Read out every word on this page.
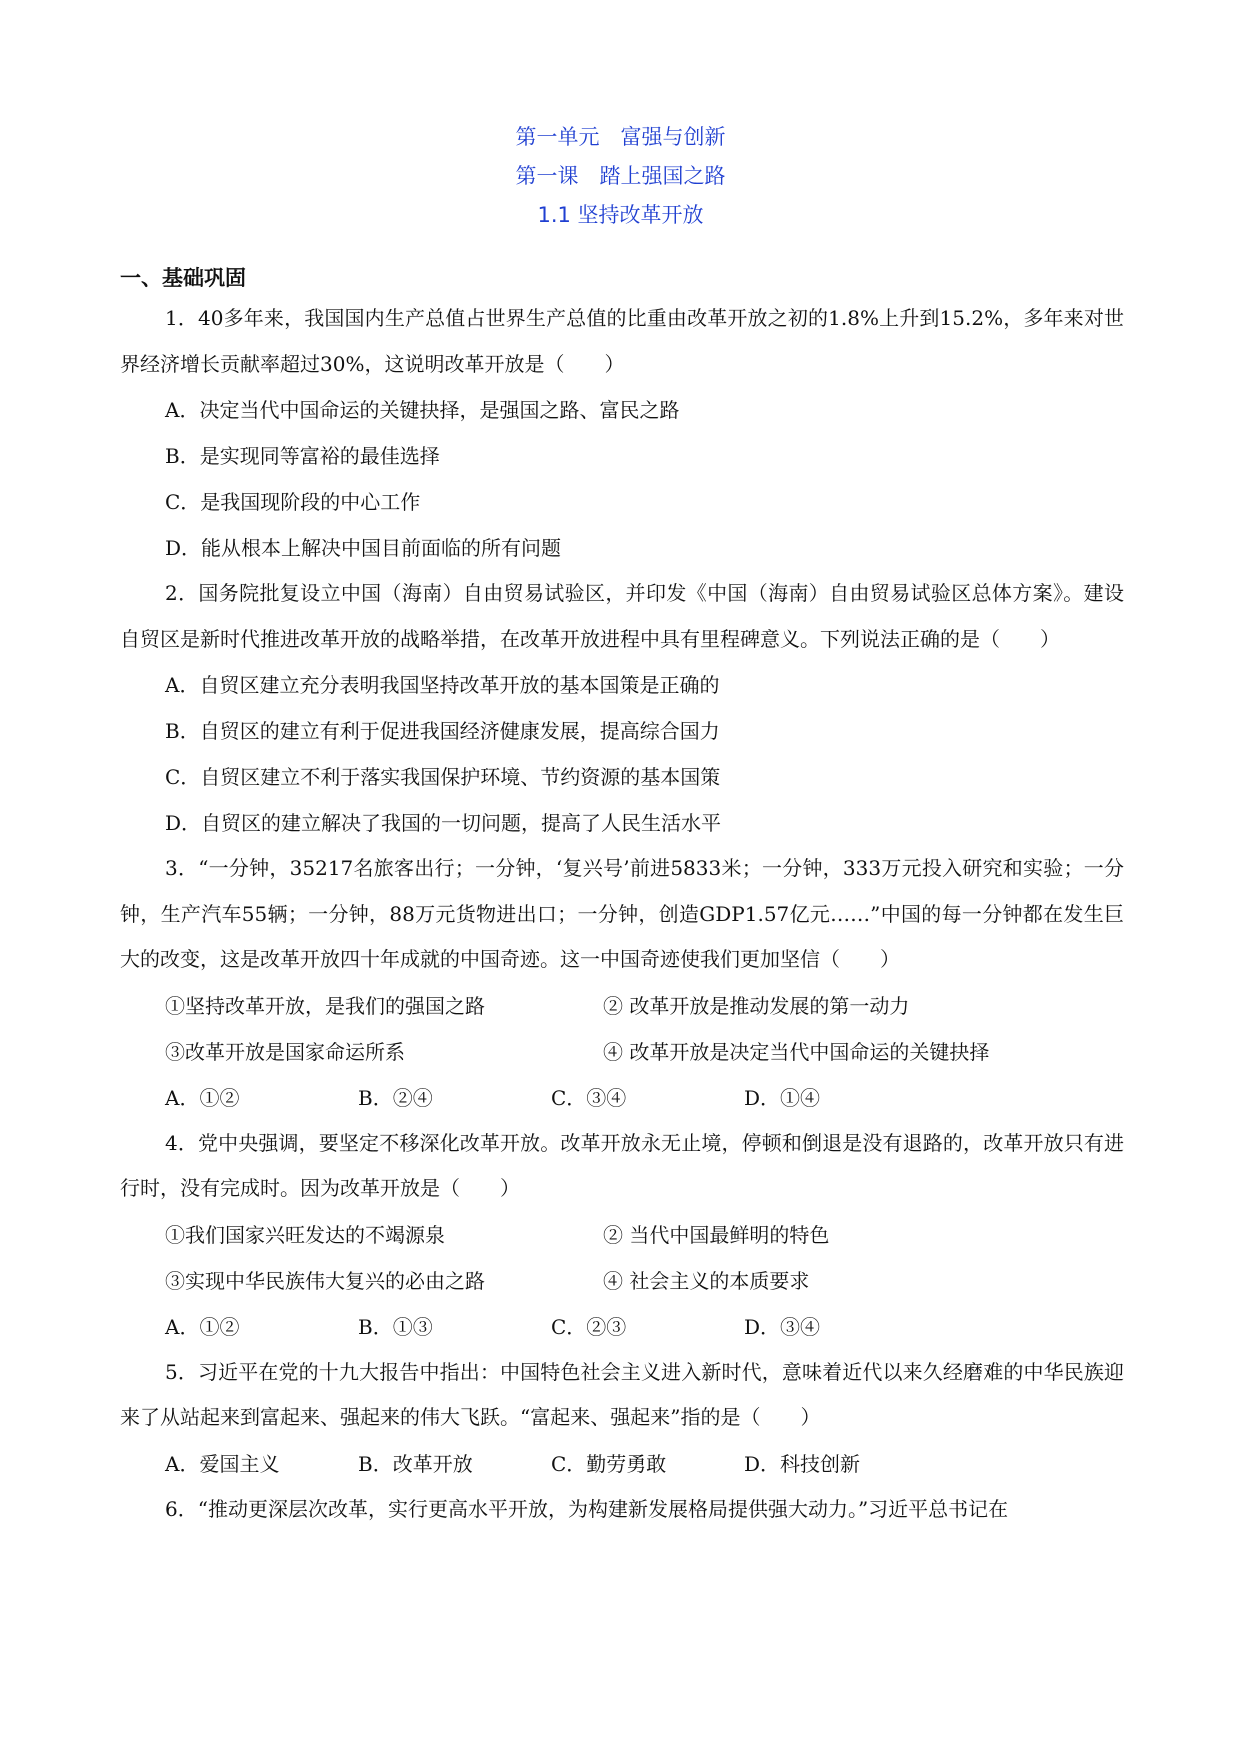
第一单元　富强与创新
第一课　踏上强国之路
1.1 坚持改革开放
一、基础巩固

1．40多年来，我国国内生产总值占世界生产总值的比重由改革开放之初的1.8%上升到15.2%，多年来对世界经济增长贡献率超过30%，这说明改革开放是（　　）

A．决定当代中国命运的关键抉择，是强国之路、富民之路

B．是实现同等富裕的最佳选择

C．是我国现阶段的中心工作

D．能从根本上解决中国目前面临的所有问题

2．国务院批复设立中国（海南）自由贸易试验区，并印发《中国（海南）自由贸易试验区总体方案》。建设自贸区是新时代推进改革开放的战略举措，在改革开放进程中具有里程碑意义。下列说法正确的是（　　）

A．自贸区建立充分表明我国坚持改革开放的基本国策是正确的

B．自贸区的建立有利于促进我国经济健康发展，提高综合国力

C．自贸区建立不利于落实我国保护环境、节约资源的基本国策

D．自贸区的建立解决了我国的一切问题，提高了人民生活水平

3．“一分钟，35217名旅客出行；一分钟，‘复兴号’前进5833米；一分钟，333万元投入研究和实验；一分钟，生产汽车55辆；一分钟，88万元货物进出口；一分钟，创造GDP1.57亿元……”中国的每一分钟都在发生巨大的改变，这是改革开放四十年成就的中国奇迹。这一中国奇迹使我们更加坚信（　　）

①坚持改革开放，是我们的强国之路	② 改革开放是推动发展的第一动力
③改革开放是国家命运所系	④ 改革开放是决定当代中国命运的关键抉择
A．①②	B．②④	C．③④	D．①④

4．党中央强调，要坚定不移深化改革开放。改革开放永无止境，停顿和倒退是没有退路的，改革开放只有进行时，没有完成时。因为改革开放是（　　）

①我们国家兴旺发达的不竭源泉	② 当代中国最鲜明的特色
③实现中华民族伟大复兴的必由之路	④ 社会主义的本质要求
A．①②	B．①③	C．②③	D．③④

5．习近平在党的十九大报告中指出：中国特色社会主义进入新时代，意味着近代以来久经磨难的中华民族迎来了从站起来到富起来、强起来的伟大飞跃。“富起来、强起来”指的是（　　）

A．爱国主义	B．改革开放	C．勤劳勇敢	D．科技创新

6．“推动更深层次改革，实行更高水平开放，为构建新发展格局提供强大动力。”习近平总书记在
